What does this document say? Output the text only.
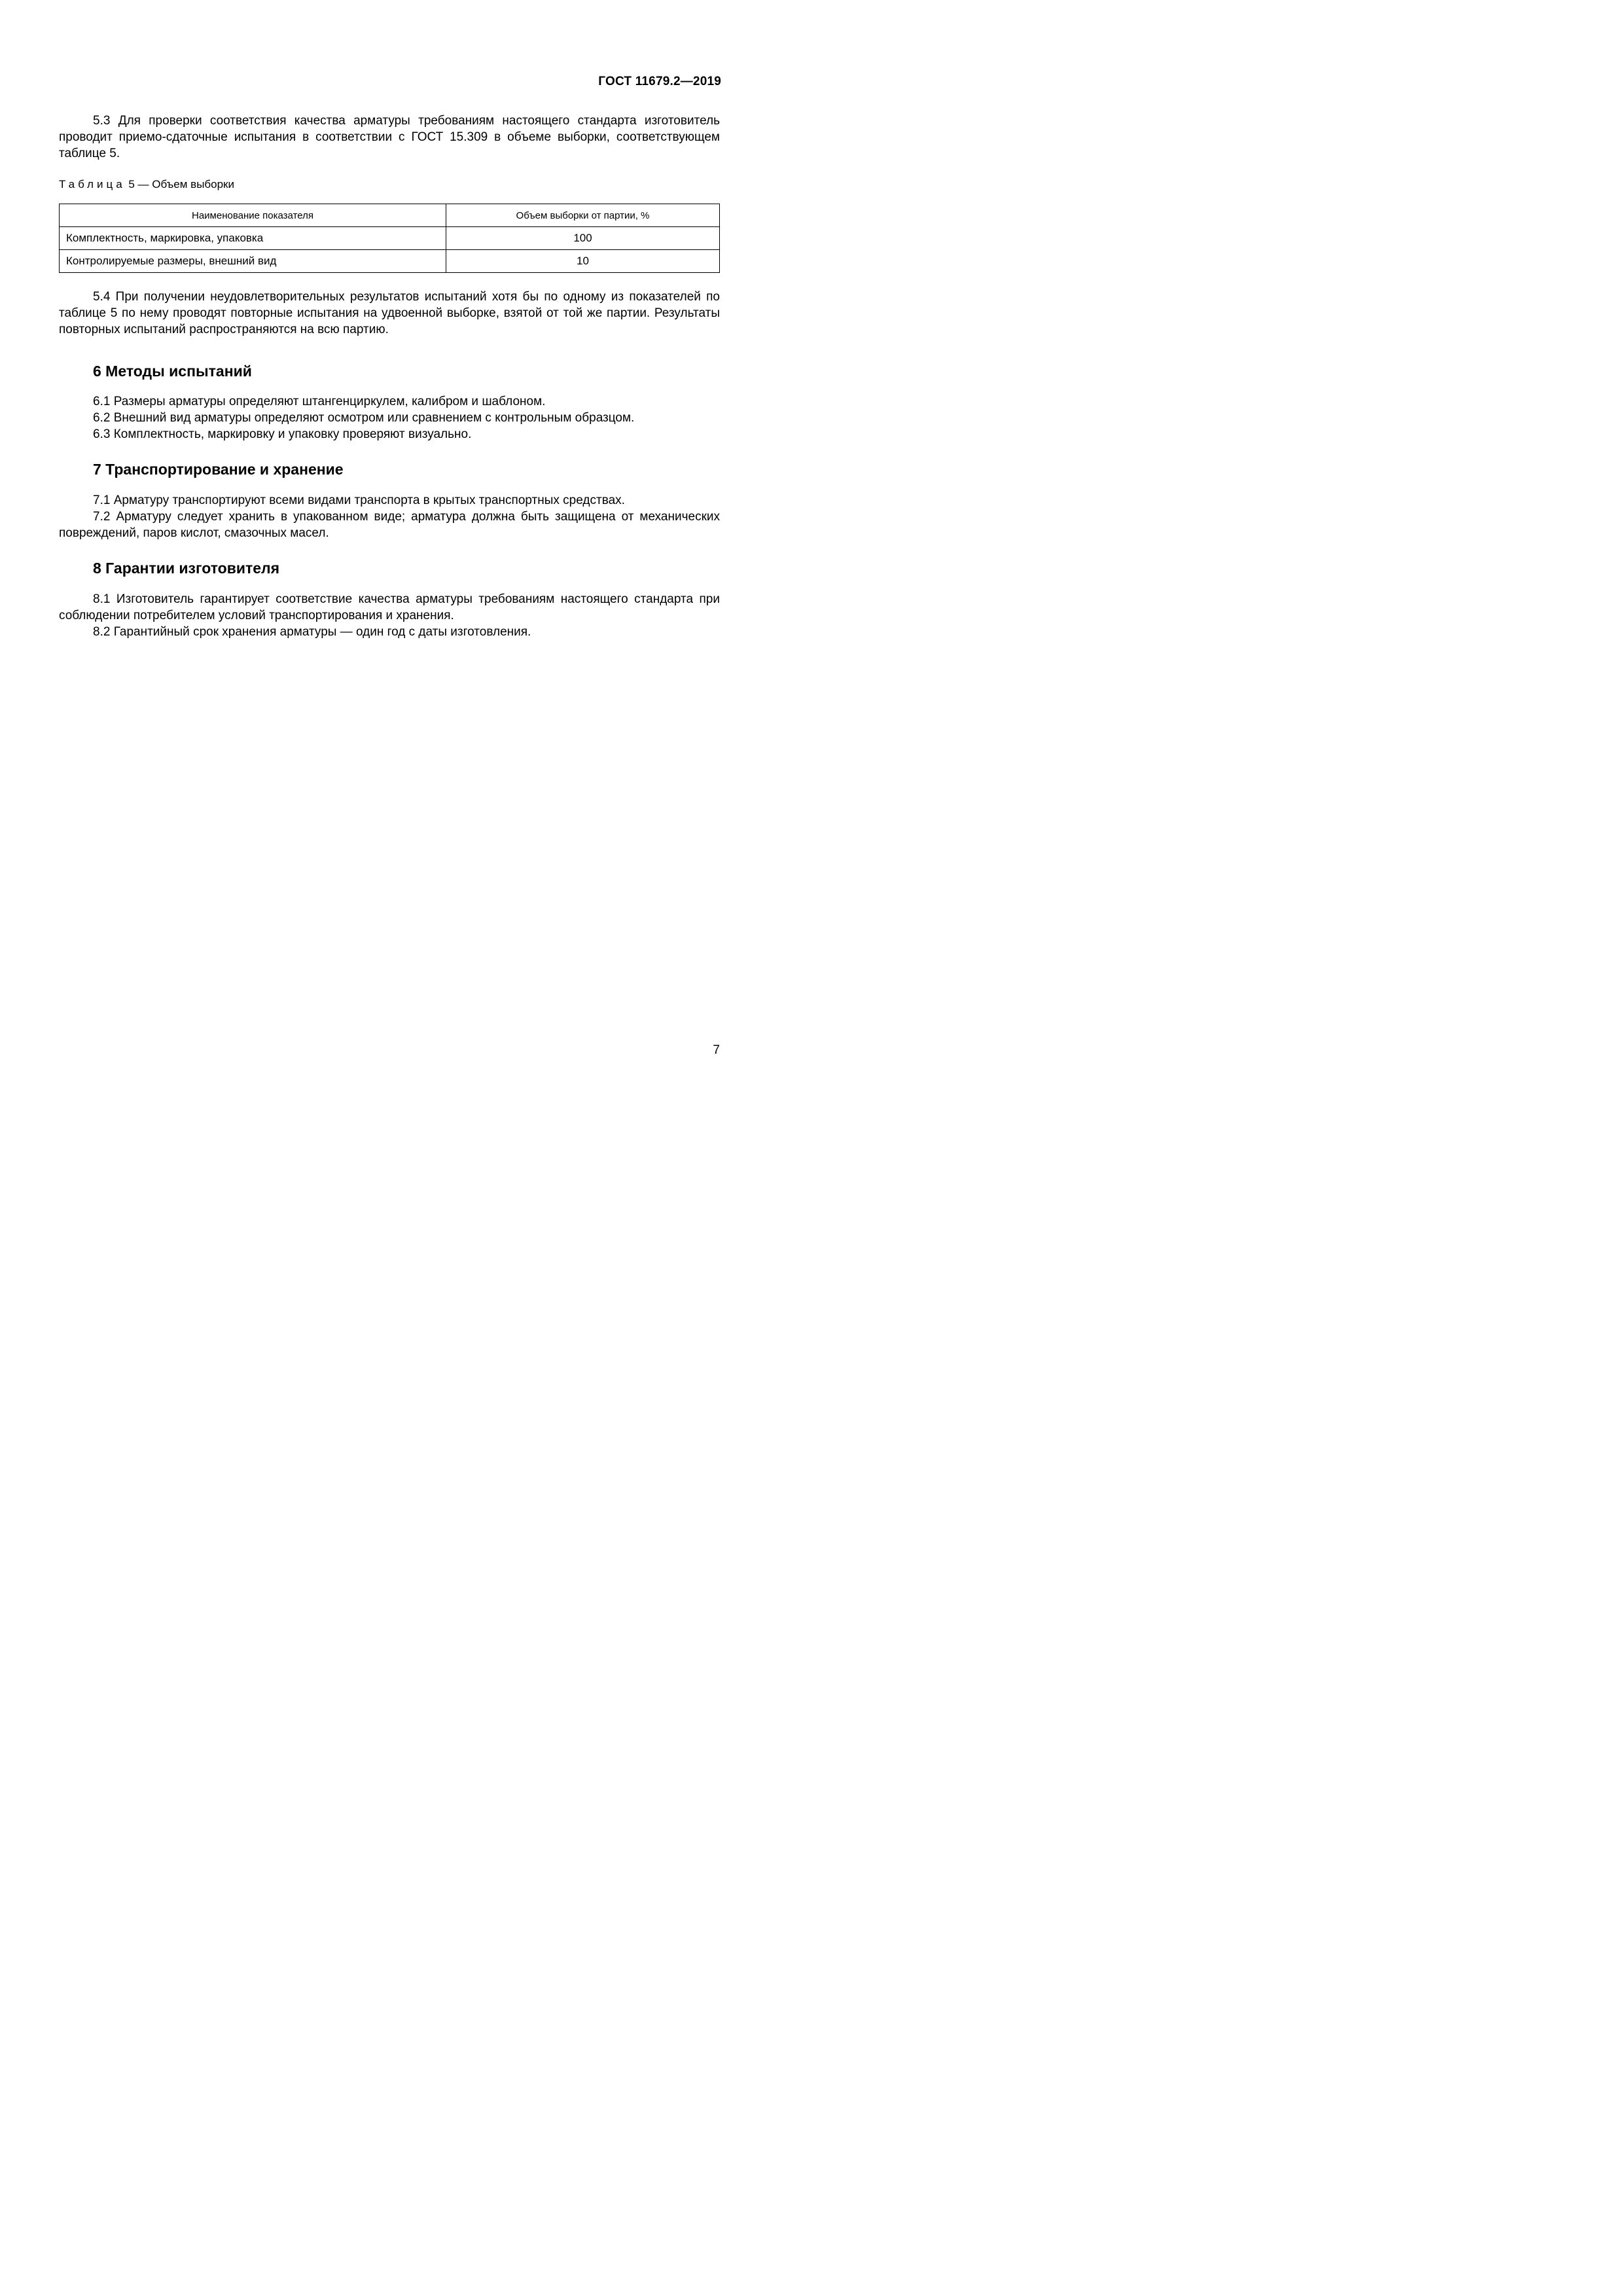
ГОСТ 11679.2—2019
5.3 Для проверки соответствия качества арматуры требованиям настоящего стандарта изготовитель проводит приемо-сдаточные испытания в соответствии с ГОСТ 15.309 в объеме выборки, соответствующем таблице 5.
Таблица 5 — Объем выборки
Наименование показателя	Объем выборки от партии, %
Комплектность, маркировка, упаковка	100
Контролируемые размеры, внешний вид	10
5.4 При получении неудовлетворительных результатов испытаний хотя бы по одному из показателей по таблице 5 по нему проводят повторные испытания на удвоенной выборке, взятой от той же партии. Результаты повторных испытаний распространяются на всю партию.
6 Методы испытаний
6.1 Размеры арматуры определяют штангенциркулем, калибром и шаблоном.
6.2 Внешний вид арматуры определяют осмотром или сравнением с контрольным образцом.
6.3 Комплектность, маркировку и упаковку проверяют визуально.
7 Транспортирование и хранение
7.1 Арматуру транспортируют всеми видами транспорта в крытых транспортных средствах.
7.2 Арматуру следует хранить в упакованном виде; арматура должна быть защищена от механических повреждений, паров кислот, смазочных масел.
8 Гарантии изготовителя
8.1 Изготовитель гарантирует соответствие качества арматуры требованиям настоящего стандарта при соблюдении потребителем условий транспортирования и хранения.
8.2 Гарантийный срок хранения арматуры — один год с даты изготовления.
7
